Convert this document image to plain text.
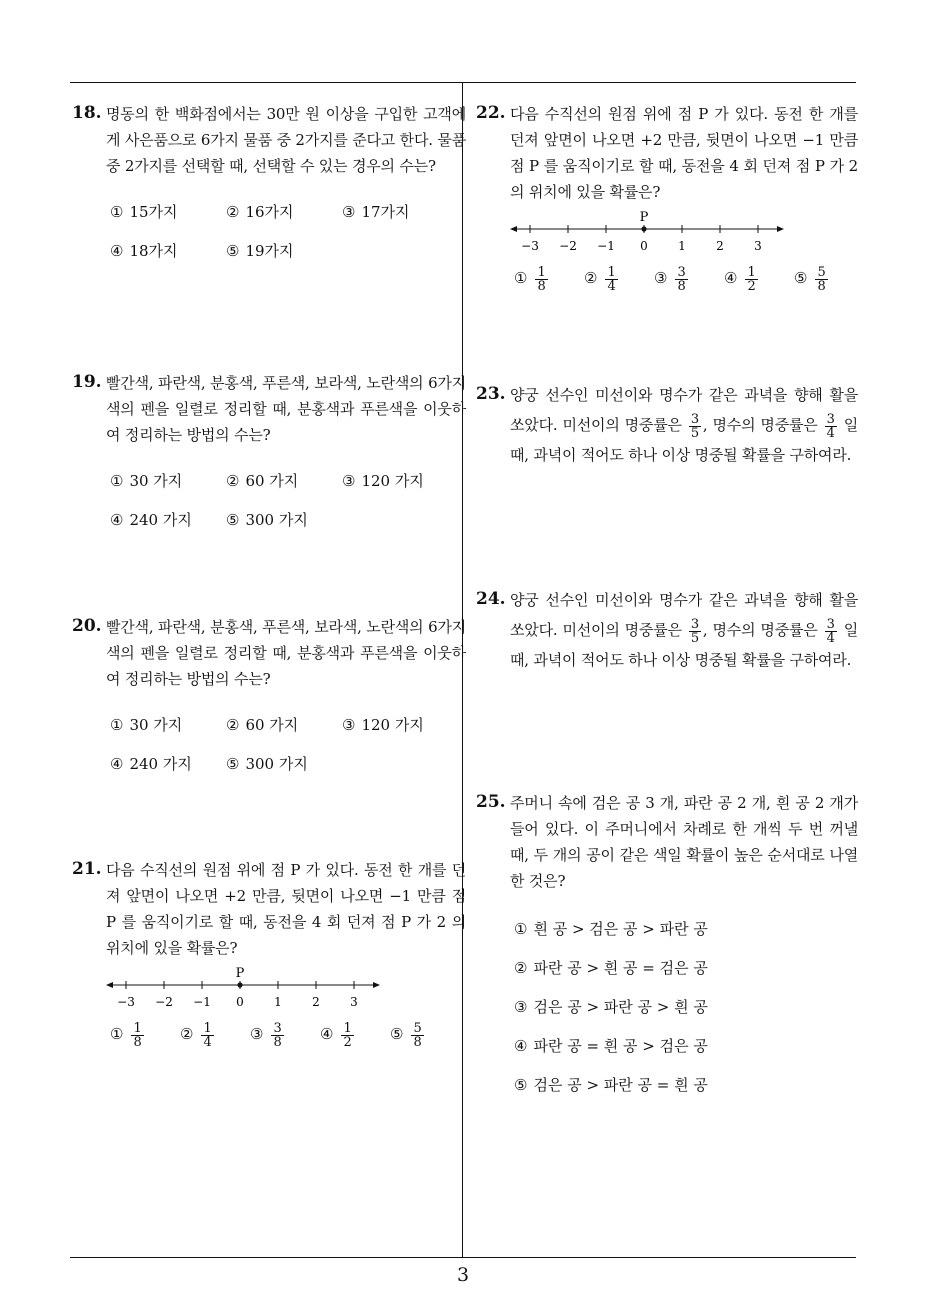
3
18. 명동의 한 백화점에서는 30만 원 이상을 구입한 고객에게 사은품으로 6가지 물품 중 2가지를 준다고 한다. 물품 중 2가지를 선택할 때, 선택할 수 있는 경우의 수는?
① 15가지	② 16가지	③ 17가지
④ 18가지	⑤ 19가지
19. 빨간색, 파란색, 분홍색, 푸른색, 보라색, 노란색의 6가지 색의 펜을 일렬로 정리할 때, 분홍색과 푸른색을 이웃하여 정리하는 방법의 수는?
① 30 가지	② 60 가지	③ 120 가지
④ 240 가지 ⑤ 300 가지
20. 빨간색, 파란색, 분홍색, 푸른색, 보라색, 노란색의 6가지 색의 펜을 일렬로 정리할 때, 분홍색과 푸른색을 이웃하여 정리하는 방법의 수는?
① 30 가지	② 60 가지	③ 120 가지
④ 240 가지 ⑤ 300 가지
21. 다음 수직선의 원점 위에 점 P 가 있다. 동전 한 개를 던져 앞면이 나오면 +2 만큼, 뒷면이 나오면 −1 만큼 점 P 를 움직이기로 할 때, 동전을 4 회 던져 점 P 가 2 의 위치에 있을 확률은?
P
−3 −2 −1 0	1	2	3
① $\frac{1}{8}$ ② $\frac{1}{4}$ ③ $\frac{3}{8}$ ④ $\frac{1}{2}$ ⑤ $\frac{5}{8}$
22. 다음 수직선의 원점 위에 점 P 가 있다. 동전 한 개를 던져 앞면이 나오면 +2 만큼, 뒷면이 나오면 −1 만큼 점 P 를 움직이기로 할 때, 동전을 4 회 던져 점 P 가 2 의 위치에 있을 확률은?
P
−3 −2 −1 0	1	2	3
① $\frac{1}{8}$ ② $\frac{1}{4}$ ③ $\frac{3}{8}$ ④ $\frac{1}{2}$ ⑤ $\frac{5}{8}$
23. 양궁 선수인 미선이와 명수가 같은 과녁을 향해 활을 쏘았다. 미선이의 명중률은 $\frac{3}{5}$ , 명수의 명중률은 $\frac{3}{4}$ 일 때, 과녁이 적어도 하나 이상 명중될 확률을 구하여라.
24. 양궁 선수인 미선이와 명수가 같은 과녁을 향해 활을 쏘았다. 미선이의 명중률은 $\frac{3}{5}$ , 명수의 명중률은 $\frac{3}{4}$ 일 때, 과녁이 적어도 하나 이상 명중될 확률을 구하여라.
25. 주머니 속에 검은 공 3 개, 파란 공 2 개, 흰 공 2 개가 들어 있다. 이 주머니에서 차례로 한 개씩 두 번 꺼낼 때, 두 개의 공이 같은 색일 확률이 높은 순서대로 나열한 것은?
① 흰 공 > 검은 공 > 파란 공
② 파란 공 > 흰 공 = 검은 공
③ 검은 공 > 파란 공 > 흰 공
④ 파란 공 = 흰 공 > 검은 공
⑤ 검은 공 > 파란 공 = 흰 공
